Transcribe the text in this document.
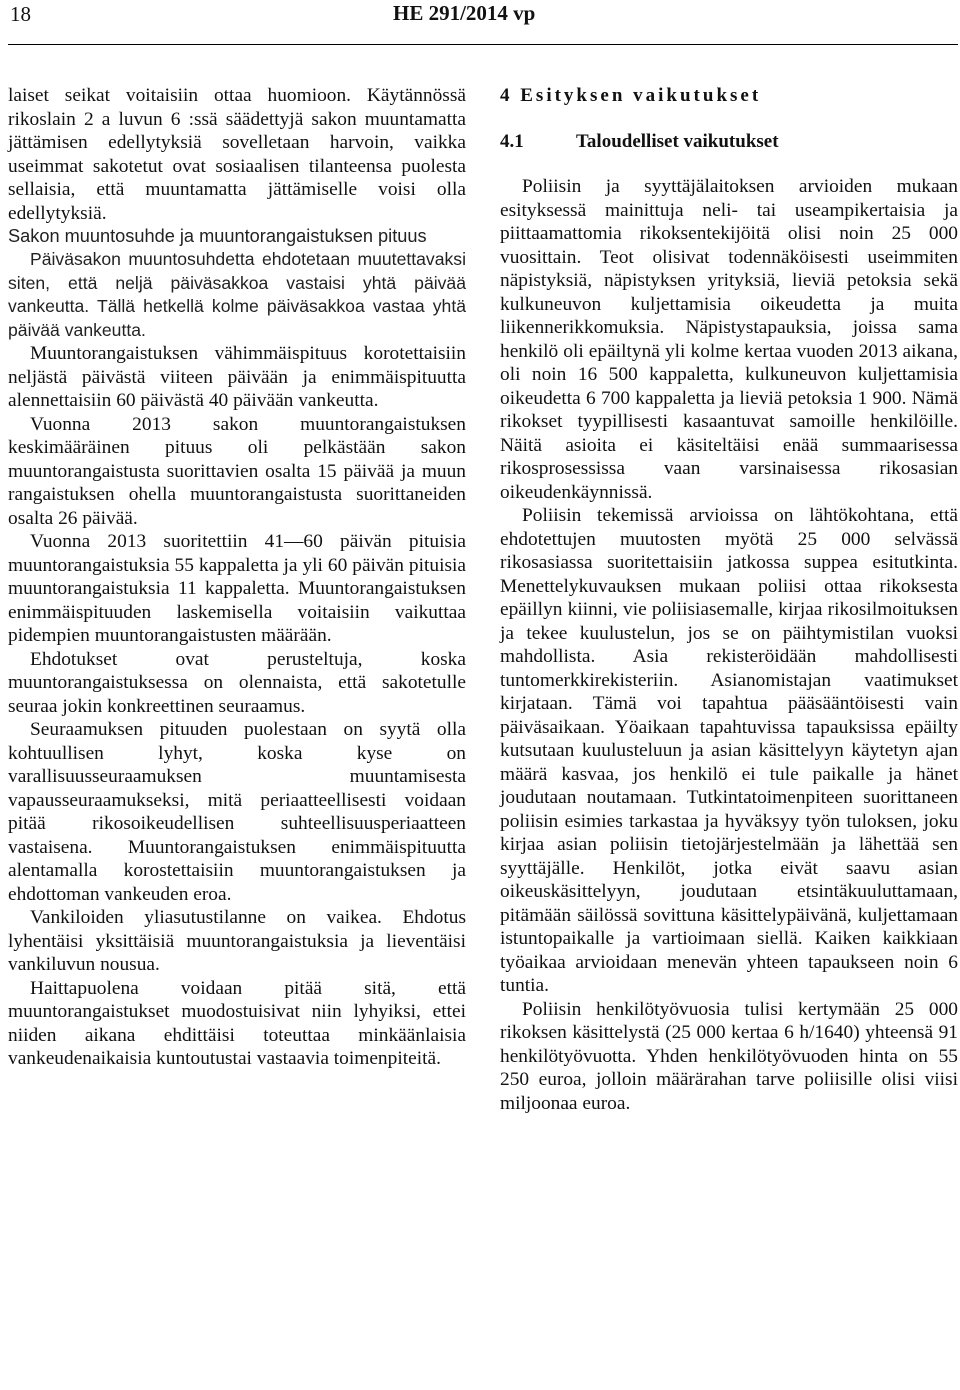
18	HE 291/2014 vp

laiset seikat voitaisiin ottaa huomioon. Käytännössä rikoslain 2 a luvun 6 :ssä säädettyjä sakon muuntamatta jättämisen edellytyksiä sovelletaan harvoin, vaikka useimmat sakotetut ovat sosiaalisen tilanteensa puolesta sellaisia, että muuntamatta jättämiselle voisi olla edellytyksiä.

Sakon muuntosuhde ja muuntorangaistuksen pituus

Päiväsakon muuntosuhdetta ehdotetaan muutettavaksi siten, että neljä päiväsakkoa vastaisi yhtä päivää vankeutta. Tällä hetkellä kolme päiväsakkoa vastaa yhtä päivää vankeutta.

Muuntorangaistuksen vähimmäispituus korotettaisiin neljästä päivästä viiteen päivään ja enimmäispituutta alennettaisiin 60 päivästä 40 päivään vankeutta.

Vuonna 2013 sakon muuntorangaistuksen keskimääräinen pituus oli pelkästään sakon muuntorangaistusta suorittavien osalta 15 päivää ja muun rangaistuksen ohella muuntorangaistusta suorittaneiden osalta 26 päivää.

Vuonna 2013 suoritettiin 41—60 päivän pituisia muuntorangaistuksia 55 kappaletta ja yli 60 päivän pituisia muuntorangaistuksia 11 kappaletta. Muuntorangaistuksen enimmäispituuden laskemisella voitaisiin vaikuttaa pidempien muuntorangaistusten määrään.

Ehdotukset ovat perusteltuja, koska muuntorangaistuksessa on olennaista, että sakotetulle seuraa jokin konkreettinen seuraamus.

Seuraamuksen pituuden puolestaan on syytä olla kohtuullisen lyhyt, koska kyse on varallisuusseuraamuksen muuntamisesta vapausseuraamukseksi, mitä periaatteellisesti voidaan pitää rikosoikeudellisen suhteellisuusperiaatteen vastaisena. Muuntorangaistuksen enimmäispituutta alentamalla korostettaisiin muuntorangaistuksen ja ehdottoman vankeuden eroa.

Vankiloiden yliasutustilanne on vaikea. Ehdotus lyhentäisi yksittäisiä muuntorangaistuksia ja lieventäisi vankiluvun nousua.

Haittapuolena voidaan pitää sitä, että muuntorangaistukset muodostuisivat niin lyhyiksi, ettei niiden aikana ehdittäisi toteuttaa minkäänlaisia vankeudenaikaisia kuntoutustai vastaavia toimenpiteitä.

4 Esityksen vaikutukset
4.1	Taloudelliset vaikutukset

Poliisin ja syyttäjälaitoksen arvioiden mukaan esityksessä mainittuja neli- tai useampikertaisia ja piittaamattomia rikoksentekijöitä olisi noin 25 000 vuosittain. Teot olisivat todennäköisesti useimmiten näpistyksiä, näpistyksen yrityksiä, lieviä petoksia sekä kulkuneuvon kuljettamisia oikeudetta ja muita liikennerikkomuksia. Näpistystapauksia, joissa sama henkilö oli epäiltynä yli kolme kertaa vuoden 2013 aikana, oli noin 16 500 kappaletta, kulkuneuvon kuljettamisia oikeudetta 6 700 kappaletta ja lieviä petoksia 1 900. Nämä rikokset tyypillisesti kasaantuvat samoille henkilöille. Näitä asioita ei käsiteltäisi enää summaarisessa rikosprosessissa vaan varsinaisessa rikosasian oikeudenkäynnissä.

Poliisin tekemissä arvioissa on lähtökohtana, että ehdotettujen muutosten myötä 25 000 selvässä rikosasiassa suoritettaisiin jatkossa suppea esitutkinta. Menettelykuvauksen mukaan poliisi ottaa rikoksesta epäillyn kiinni, vie poliisiasemalle, kirjaa rikosilmoituksen ja tekee kuulustelun, jos se on päihtymistilan vuoksi mahdollista. Asia rekisteröidään mahdollisesti tuntomerkkirekisteriin. Asianomistajan vaatimukset kirjataan. Tämä voi tapahtua pääsääntöisesti vain päiväsaikaan. Yöaikaan tapahtuvissa tapauksissa epäilty kutsutaan kuulusteluun ja asian käsittelyyn käytetyn ajan määrä kasvaa, jos henkilö ei tule paikalle ja hänet joudutaan noutamaan. Tutkintatoimenpiteen suorittaneen poliisin esimies tarkastaa ja hyväksyy työn tuloksen, joku kirjaa asian poliisin tietojärjestelmään ja lähettää sen syyttäjälle. Henkilöt, jotka eivät saavu asian oikeuskäsittelyyn, joudutaan etsintäkuuluttamaan, pitämään säilössä sovittuna käsittelypäivänä, kuljettamaan istuntopaikalle ja vartioimaan siellä. Kaiken kaikkiaan työaikaa arvioidaan menevän yhteen tapaukseen noin 6 tuntia.

Poliisin henkilötyövuosia tulisi kertymään 25 000 rikoksen käsittelystä (25 000 kertaa 6 h/1640) yhteensä 91 henkilötyövuotta. Yhden henkilötyövuoden hinta on 55 250 euroa, jolloin määrärahan tarve poliisille olisi viisi miljoonaa euroa.
